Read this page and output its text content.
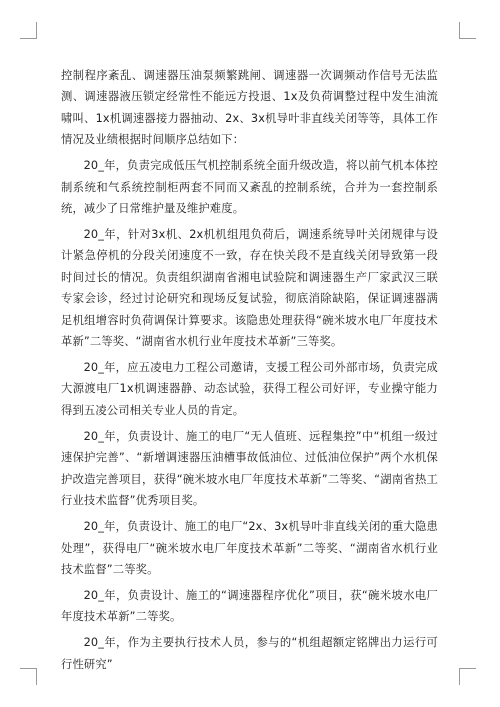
控制程序紊乱、调速器压油泵频繁跳闸、调速器一次调频动作信号无法监测、调速器液压锁定经常性不能远方投退、1x及负荷调整过程中发生油流啸叫、1x机调速器接力器抽动、2x、3x机导叶非直线关闭等等，具体工作情况及业绩根据时间顺序总结如下：

20_年，负责完成低压气机控制系统全面升级改造，将以前气机本体控制系统和气系统控制柜两套不同而又紊乱的控制系统，合并为一套控制系统，减少了日常维护量及维护难度。

20_年，针对3x机、2x机机组甩负荷后，调速系统导叶关闭规律与设计紧急停机的分段关闭速度不一致，存在快关段不是直线关闭导致第一段时间过长的情况。负责组织湖南省湘电试验院和调速器生产厂家武汉三联专家会诊，经过讨论研究和现场反复试验，彻底消除缺陷，保证调速器满足机组增容时负荷调保计算要求。该隐患处理获得“碗米坡水电厂年度技术革新”二等奖、“湖南省水机行业年度技术革新”三等奖。

20_年，应五凌电力工程公司邀请，支援工程公司外部市场，负责完成大源渡电厂1x机调速器静、动态试验，获得工程公司好评，专业操守能力得到五凌公司相关专业人员的肯定。

20_年，负责设计、施工的电厂“无人值班、远程集控”中“机组一级过速保护完善”、“新增调速器压油槽事故低油位、过低油位保护”两个水机保护改造完善项目，获得“碗米坡水电厂年度技术革新”二等奖、“湖南省热工行业技术监督”优秀项目奖。

20_年，负责设计、施工的电厂“2x、3x机导叶非直线关闭的重大隐患处理”，获得电厂“碗米坡水电厂年度技术革新”二等奖、“湖南省水机行业技术监督”二等奖。

20_年，负责设计、施工的“调速器程序优化”项目，获“碗米坡水电厂年度技术革新”二等奖。

20_年，作为主要执行技术人员，参与的“机组超额定铭牌出力运行可行性研究”
